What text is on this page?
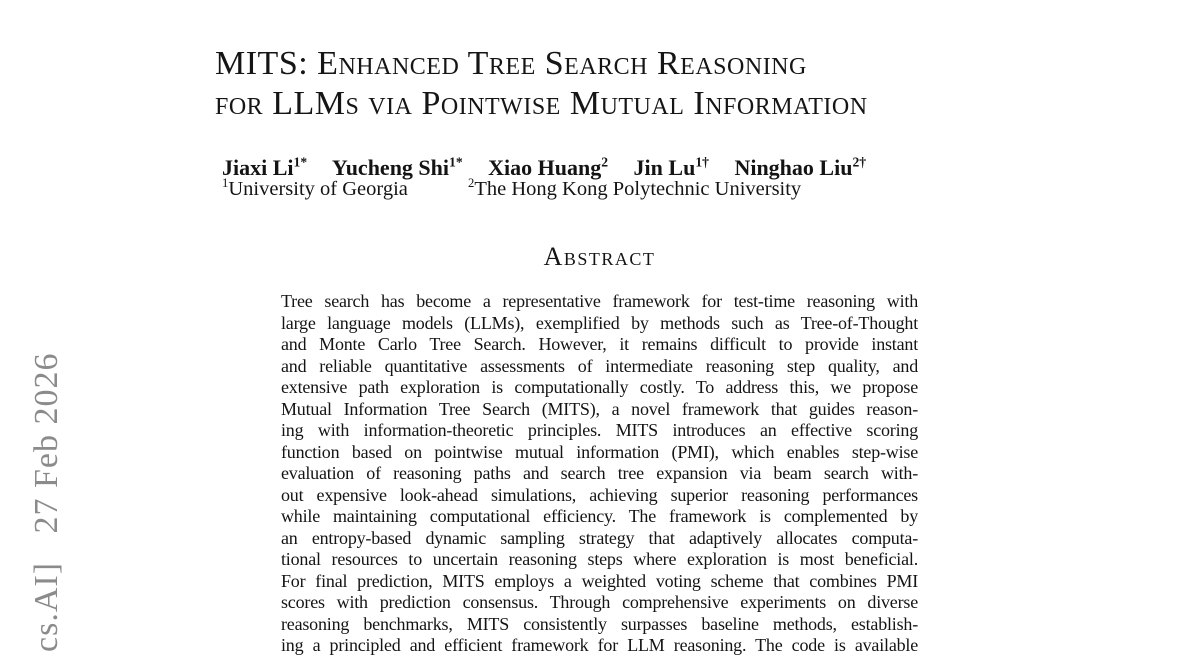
cs.AI]   27 Feb 2026
MITS: Enhanced Tree Search Reasoning
for LLMs via Pointwise Mutual Information
Jiaxi $Li^{1*}$ Yucheng Shi$^{1*}$ Xiao Huang$^2$ Jin $Lu^{1\dagger}$ Ninghao Liu$^{2\dagger}$
$^1$University of Georgia	$^2$The Hong Kong Polytechnic University
Abstract
Tree search has become a representative framework for test-time reasoning with
large language models (LLMs), exemplified by methods such as Tree-of-Thought
and Monte Carlo Tree Search. However, it remains difficult to provide instant
and reliable quantitative assessments of intermediate reasoning step quality, and
extensive path exploration is computationally costly. To address this, we propose
Mutual Information Tree Search (MITS), a novel framework that guides reason-
ing with information-theoretic principles. MITS introduces an effective scoring
function based on pointwise mutual information (PMI), which enables step-wise
evaluation of reasoning paths and search tree expansion via beam search with-
out expensive look-ahead simulations, achieving superior reasoning performances
while maintaining computational efficiency. The framework is complemented by
an entropy-based dynamic sampling strategy that adaptively allocates computa-
tional resources to uncertain reasoning steps where exploration is most beneficial.
For final prediction, MITS employs a weighted voting scheme that combines PMI
scores with prediction consensus. Through comprehensive experiments on diverse
reasoning benchmarks, MITS consistently surpasses baseline methods, establish-
ing a principled and efficient framework for LLM reasoning. The code is available
